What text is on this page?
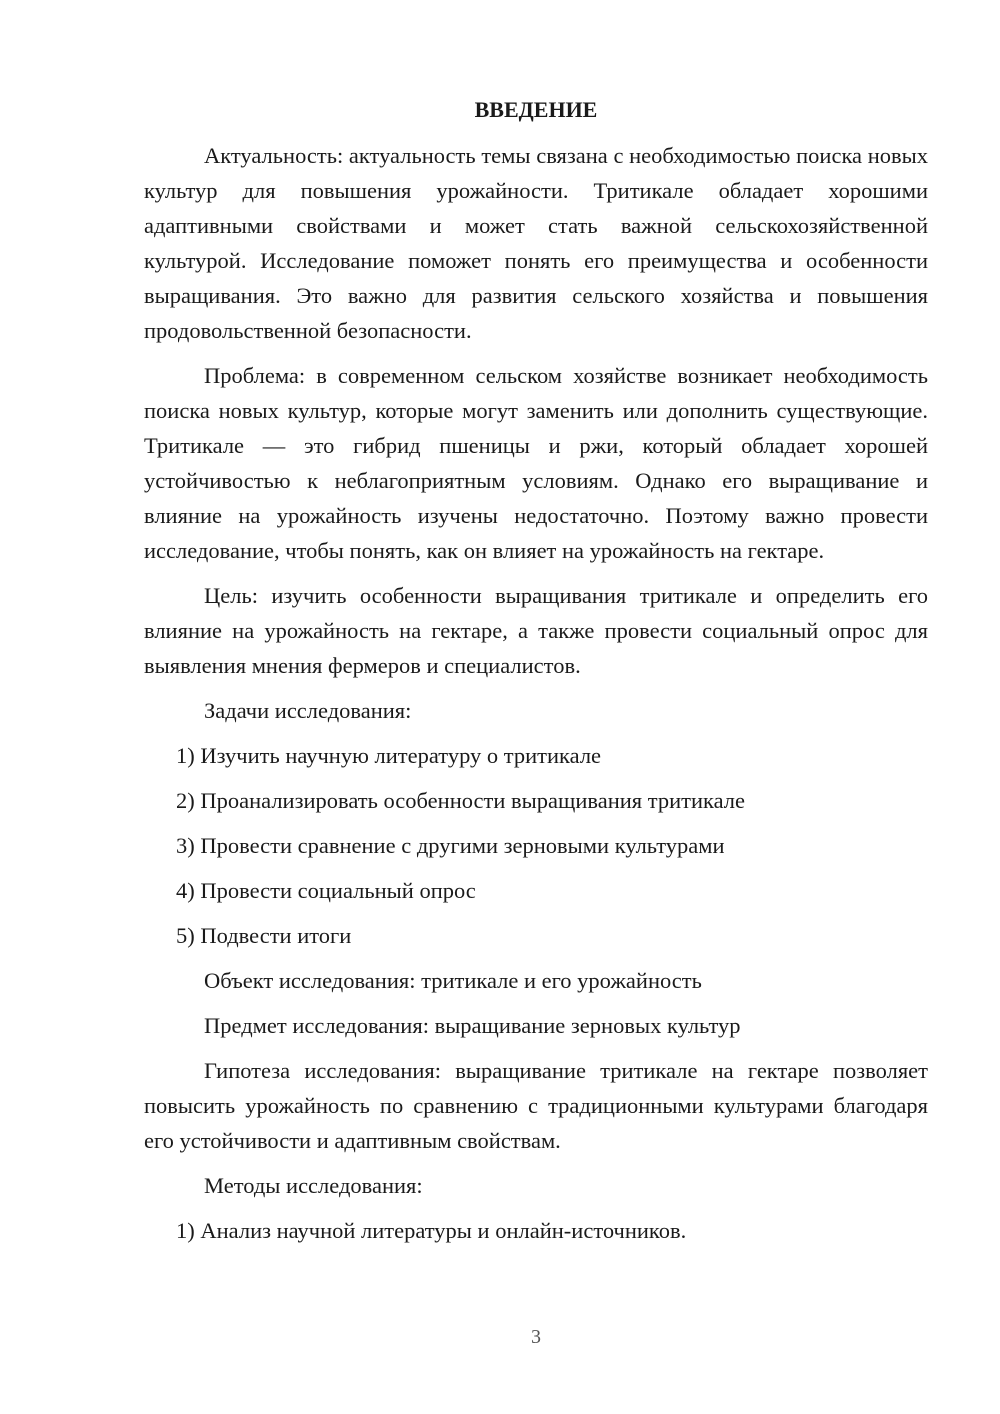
ВВЕДЕНИЕ

Актуальность: актуальность темы связана с необходимостью поиска новых культур для повышения урожайности. Тритикале обладает хорошими адаптивными свойствами и может стать важной сельскохозяйственной культурой. Исследование поможет понять его преимущества и особенности выращивания. Это важно для развития сельского хозяйства и повышения продовольственной безопасности.

Проблема: в современном сельском хозяйстве возникает необходимость поиска новых культур, которые могут заменить или дополнить существующие. Тритикале — это гибрид пшеницы и ржи, который обладает хорошей устойчивостью к неблагоприятным условиям. Однако его выращивание и влияние на урожайность изучены недостаточно. Поэтому важно провести исследование, чтобы понять, как он влияет на урожайность на гектаре.

Цель: изучить особенности выращивания тритикале и определить его влияние на урожайность на гектаре, а также провести социальный опрос для выявления мнения фермеров и специалистов.

Задачи исследования:

1) Изучить научную литературу о тритикале

2) Проанализировать особенности выращивания тритикале

3) Провести сравнение с другими зерновыми культурами

4) Провести социальный опрос

5) Подвести итоги

Объект исследования: тритикале и его урожайность

Предмет исследования: выращивание зерновых культур

Гипотеза исследования: выращивание тритикале на гектаре позволяет повысить урожайность по сравнению с традиционными культурами благодаря его устойчивости и адаптивным свойствам.

Методы исследования:

1) Анализ научной литературы и онлайн-источников.

3
